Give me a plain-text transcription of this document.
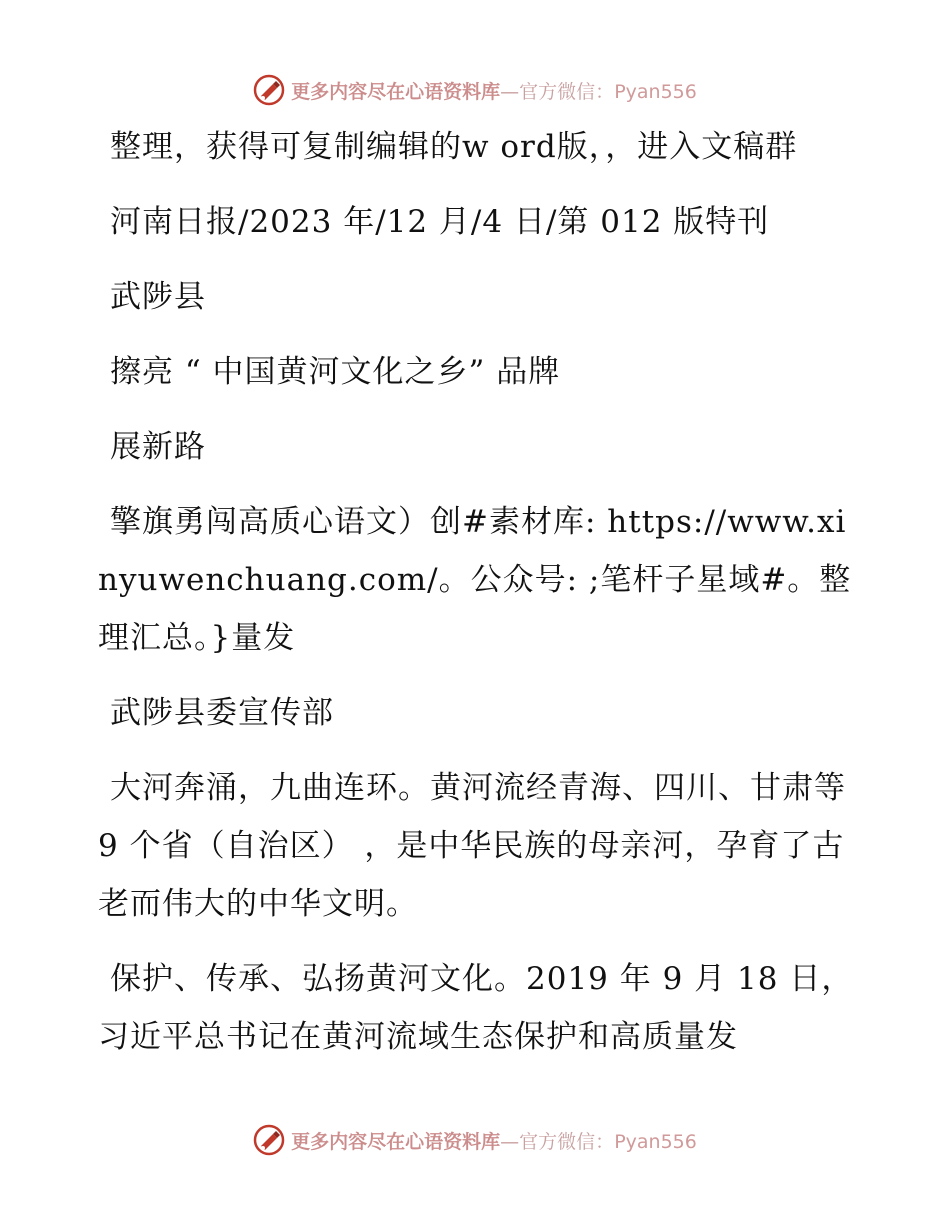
更多内容尽在心语资料库—官方微信：Pyan556

整理，获得可复制编辑的w ord版，，进入文稿群

河南日报/2023 年/12 月/4 日/第 012 版特刊

武陟县

擦亮 “ 中国黄河文化之乡” 品牌

展新路

擎旗勇闯高质心语文）创#素材库: https://www.xinyuwenchuang.com/。公众号: ;笔杆子星域#。整理汇总。}量发

武陟县委宣传部

大河奔涌，九曲连环。黄河流经青海、四川、甘肃等 9 个省（自治区） ，是中华民族的母亲河，孕育了古老而伟大的中华文明。

保护、传承、弘扬黄河文化。2019 年 9 月 18 日，习近平总书记在黄河流域生态保护和高质量发

更多内容尽在心语资料库—官方微信：Pyan556
